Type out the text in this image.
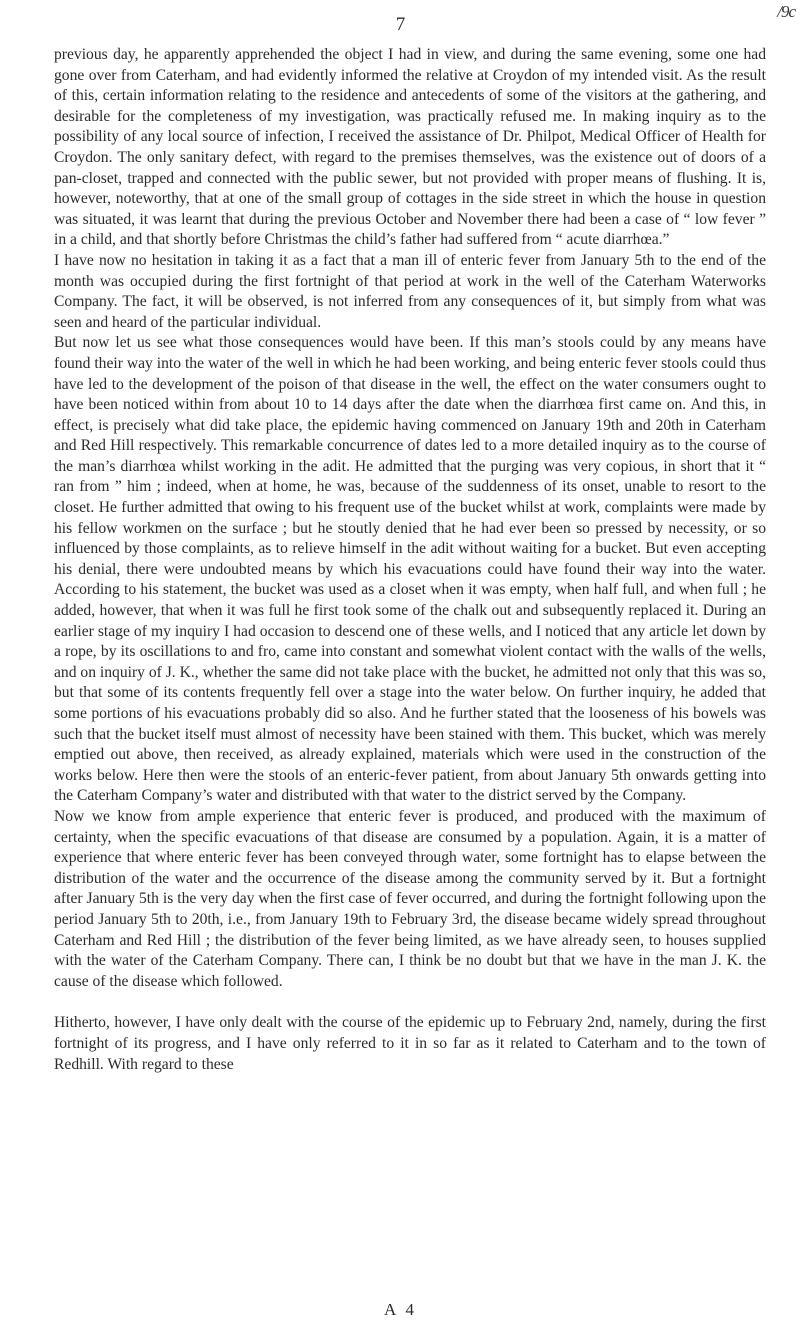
/9c
7

previous day, he apparently apprehended the object I had in view, and during the same evening, some one had gone over from Caterham, and had evidently informed the relative at Croydon of my intended visit. As the result of this, certain information relating to the residence and antecedents of some of the visitors at the gathering, and desirable for the completeness of my investigation, was practically refused me. In making inquiry as to the possibility of any local source of infection, I received the assistance of Dr. Philpot, Medical Officer of Health for Croydon. The only sanitary defect, with regard to the premises themselves, was the existence out of doors of a pan-closet, trapped and connected with the public sewer, but not provided with proper means of flushing. It is, however, noteworthy, that at one of the small group of cottages in the side street in which the house in question was situated, it was learnt that during the previous October and November there had been a case of “ low fever ” in a child, and that shortly before Christmas the child’s father had suffered from “ acute diarrhœa.”

I have now no hesitation in taking it as a fact that a man ill of enteric fever from January 5th to the end of the month was occupied during the first fortnight of that period at work in the well of the Caterham Waterworks Company. The fact, it will be observed, is not inferred from any consequences of it, but simply from what was seen and heard of the particular individual.

But now let us see what those consequences would have been. If this man’s stools could by any means have found their way into the water of the well in which he had been working, and being enteric fever stools could thus have led to the development of the poison of that disease in the well, the effect on the water consumers ought to have been noticed within from about 10 to 14 days after the date when the diarrhœa first came on. And this, in effect, is precisely what did take place, the epidemic having commenced on January 19th and 20th in Caterham and Red Hill respectively. This remarkable concurrence of dates led to a more detailed inquiry as to the course of the man’s diarrhœa whilst working in the adit. He admitted that the purging was very copious, in short that it “ ran from ” him ; indeed, when at home, he was, because of the suddenness of its onset, unable to resort to the closet. He further admitted that owing to his frequent use of the bucket whilst at work, complaints were made by his fellow workmen on the surface ; but he stoutly denied that he had ever been so pressed by necessity, or so influenced by those complaints, as to relieve himself in the adit without waiting for a bucket. But even accepting his denial, there were undoubted means by which his evacuations could have found their way into the water. According to his statement, the bucket was used as a closet when it was empty, when half full, and when full ; he added, however, that when it was full he first took some of the chalk out and subsequently replaced it. During an earlier stage of my inquiry I had occasion to descend one of these wells, and I noticed that any article let down by a rope, by its oscillations to and fro, came into constant and somewhat violent contact with the walls of the wells, and on inquiry of J. K., whether the same did not take place with the bucket, he admitted not only that this was so, but that some of its contents frequently fell over a stage into the water below. On further inquiry, he added that some portions of his evacuations probably did so also. And he further stated that the looseness of his bowels was such that the bucket itself must almost of necessity have been stained with them. This bucket, which was merely emptied out above, then received, as already explained, materials which were used in the construction of the works below. Here then were the stools of an enteric-fever patient, from about January 5th onwards getting into the Caterham Company’s water and distributed with that water to the district served by the Company.

Now we know from ample experience that enteric fever is produced, and produced with the maximum of certainty, when the specific evacuations of that disease are consumed by a population. Again, it is a matter of experience that where enteric fever has been conveyed through water, some fortnight has to elapse between the distribution of the water and the occurrence of the disease among the community served by it. But a fortnight after January 5th is the very day when the first case of fever occurred, and during the fortnight following upon the period January 5th to 20th, i.e., from January 19th to February 3rd, the disease became widely spread throughout Caterham and Red Hill ; the distribution of the fever being limited, as we have already seen, to houses supplied with the water of the Caterham Company. There can, I think be no doubt but that we have in the man J. K. the cause of the disease which followed.

Hitherto, however, I have only dealt with the course of the epidemic up to February 2nd, namely, during the first fortnight of its progress, and I have only referred to it in so far as it related to Caterham and to the town of Redhill. With regard to these

A 4
